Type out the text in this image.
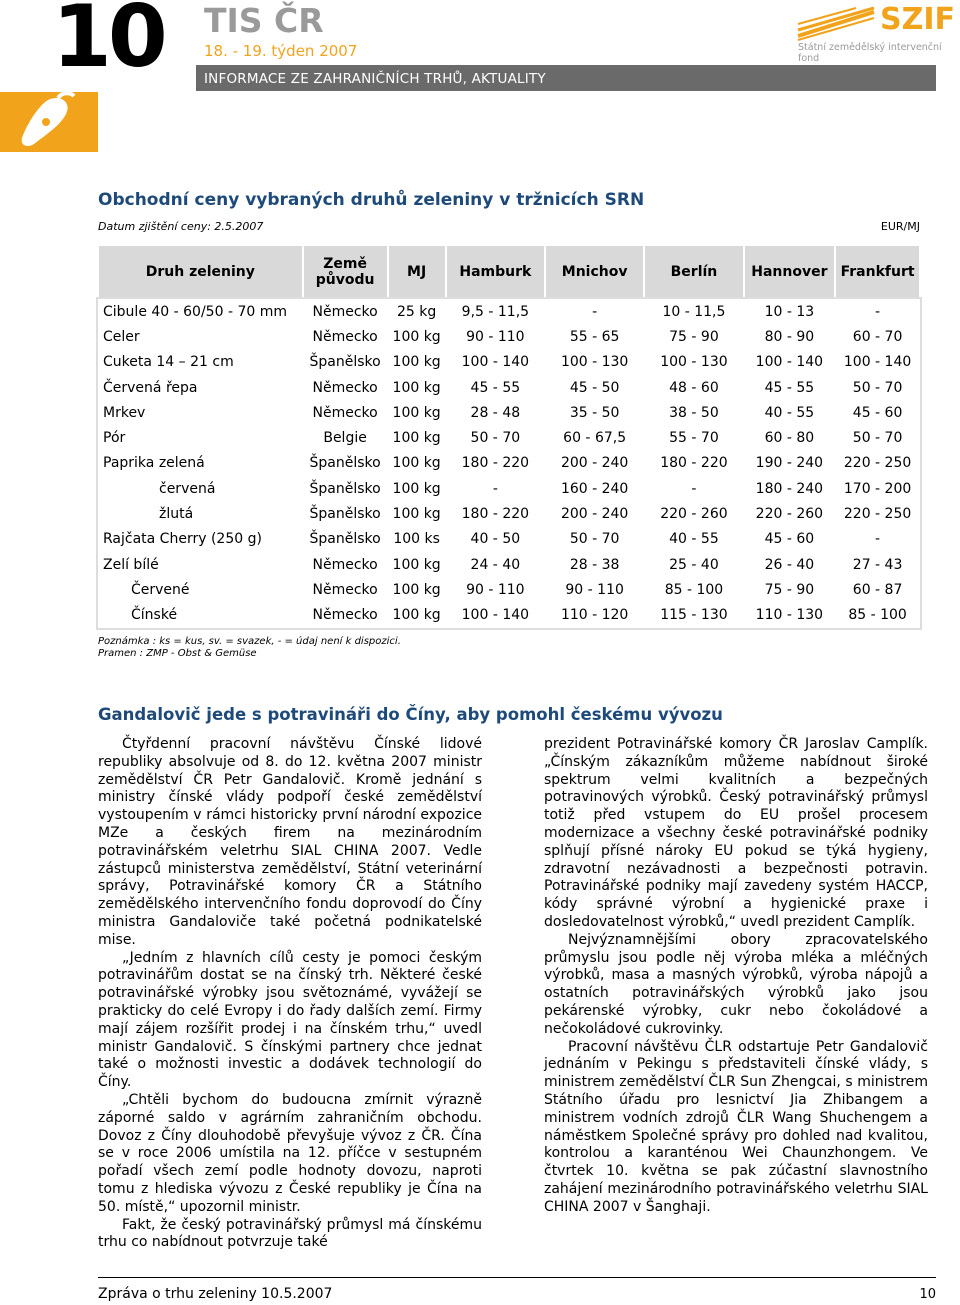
10 TIS ČR
18. - 19. týden 2007
INFORMACE ZE ZAHRANIČNÍCH TRHŮ, AKTUALITY
SZIF
Státní zemědělský intervenční fond
Obchodní ceny vybraných druhů zeleniny v tržnicích SRN
Datum zjištění ceny: 2.5.2007	EUR/MJ
Druh zeleniny	Země původu	MJ	Hamburk	Mnichov	Berlín	Hannover	Frankfurt
Cibule 40 - 60/50 - 70 mm	Německo	25 kg	9,5 - 11,5	-	10 - 11,5	10 - 13	-
Celer	Německo	100 kg	90 - 110	55 - 65	75 - 90	80 - 90	60 - 70
Cuketa 14 – 21 cm	Španělsko	100 kg	100 - 140	100 - 130	100 - 130	100 - 140	100 - 140
Červená řepa	Německo	100 kg	45 - 55	45 - 50	48 - 60	45 - 55	50 - 70
Mrkev	Německo	100 kg	28 - 48	35 - 50	38 - 50	40 - 55	45 - 60
Pór	Belgie	100 kg	50 - 70	60 - 67,5	55 - 70	60 - 80	50 - 70
Paprika zelená	Španělsko	100 kg	180 - 220	200 - 240	180 - 220	190 - 240	220 - 250
červená	Španělsko	100 kg	-	160 - 240	-	180 - 240	170 - 200
žlutá	Španělsko	100 kg	180 - 220	200 - 240	220 - 260	220 - 260	220 - 250
Rajčata Cherry (250 g)	Španělsko	100 ks	40 - 50	50 - 70	40 - 55	45 - 60	-
Zelí bílé	Německo	100 kg	24 - 40	28 - 38	25 - 40	26 - 40	27 - 43
Červené	Německo	100 kg	90 - 110	90 - 110	85 - 100	75 - 90	60 - 87
Čínské	Německo	100 kg	100 - 140	110 - 120	115 - 130	110 - 130	85 - 100
Poznámka : ks = kus, sv. = svazek, - = údaj není k dispozici.
Pramen : ZMP - Obst & Gemüse
Gandalovič jede s potravináři do Číny, aby pomohl českému vývozu

Čtyřdenní pracovní návštěvu Čínské lidové republiky absolvuje od 8. do 12. května 2007 ministr zemědělství ČR Petr Gandalovič. Kromě jednání s ministry čínské vlády podpoří české zemědělství vystoupením v rámci historicky první národní expozice MZe a českých firem na mezinárodním potravinářském veletrhu SIAL CHINA 2007. Vedle zástupců ministerstva zemědělství, Státní veterinární správy, Potravinářské komory ČR a Státního zemědělského intervenčního fondu doprovodí do Číny ministra Gandaloviče také početná podnikatelské mise.

„Jedním z hlavních cílů cesty je pomoci českým potravinářům dostat se na čínský trh. Některé české potravinářské výrobky jsou světoznámé, vyvážejí se prakticky do celé Evropy i do řady dalších zemí. Firmy mají zájem rozšířit prodej i na čínském trhu,“ uvedl ministr Gandalovič. S čínskými partnery chce jednat také o možnosti investic a dodávek technologií do Číny.

„Chtěli bychom do budoucna zmírnit výrazně záporné saldo v agrárním zahraničním obchodu. Dovoz z Číny dlouhodobě převyšuje vývoz z ČR. Čína se v roce 2006 umístila na 12. příčce v sestupném pořadí všech zemí podle hodnoty dovozu, naproti tomu z hlediska vývozu z České republiky je Čína na 50. místě,“ upozornil ministr.

Fakt, že český potravinářský průmysl má čínskému trhu co nabídnout potvrzuje také

prezident Potravinářské komory ČR Jaroslav Camplík. „Čínským zákazníkům můžeme nabídnout široké spektrum velmi kvalitních a bezpečných potravinových výrobků. Český potravinářský průmysl totiž před vstupem do EU prošel procesem modernizace a všechny české potravinářské podniky splňují přísné nároky EU pokud se týká hygieny, zdravotní nezávadnosti a bezpečnosti potravin. Potravinářské podniky mají zavedeny systém HACCP, kódy správné výrobní a hygienické praxe i dosledovatelnost výrobků,“ uvedl prezident Camplík.

Nejvýznamnějšími obory zpracovatelského průmyslu jsou podle něj výroba mléka a mléčných výrobků, masa a masných výrobků, výroba nápojů a ostatních potravinářských výrobků jako jsou pekárenské výrobky, cukr nebo čokoládové a nečokoládové cukrovinky.

Pracovní návštěvu ČLR odstartuje Petr Gandalovič jednáním v Pekingu s představiteli čínské vlády, s ministrem zemědělství ČLR Sun Zhengcai, s ministrem Státního úřadu pro lesnictví Jia Zhibangem a ministrem vodních zdrojů ČLR Wang Shuchengem a náměstkem Společné správy pro dohled nad kvalitou, kontrolou a karanténou Wei Chaunzhongem. Ve čtvrtek 10. května se pak zúčastní slavnostního zahájení mezinárodního potravinářského veletrhu SIAL CHINA 2007 v Šanghaji.

Zpráva o trhu zeleniny 10.5.2007	10
